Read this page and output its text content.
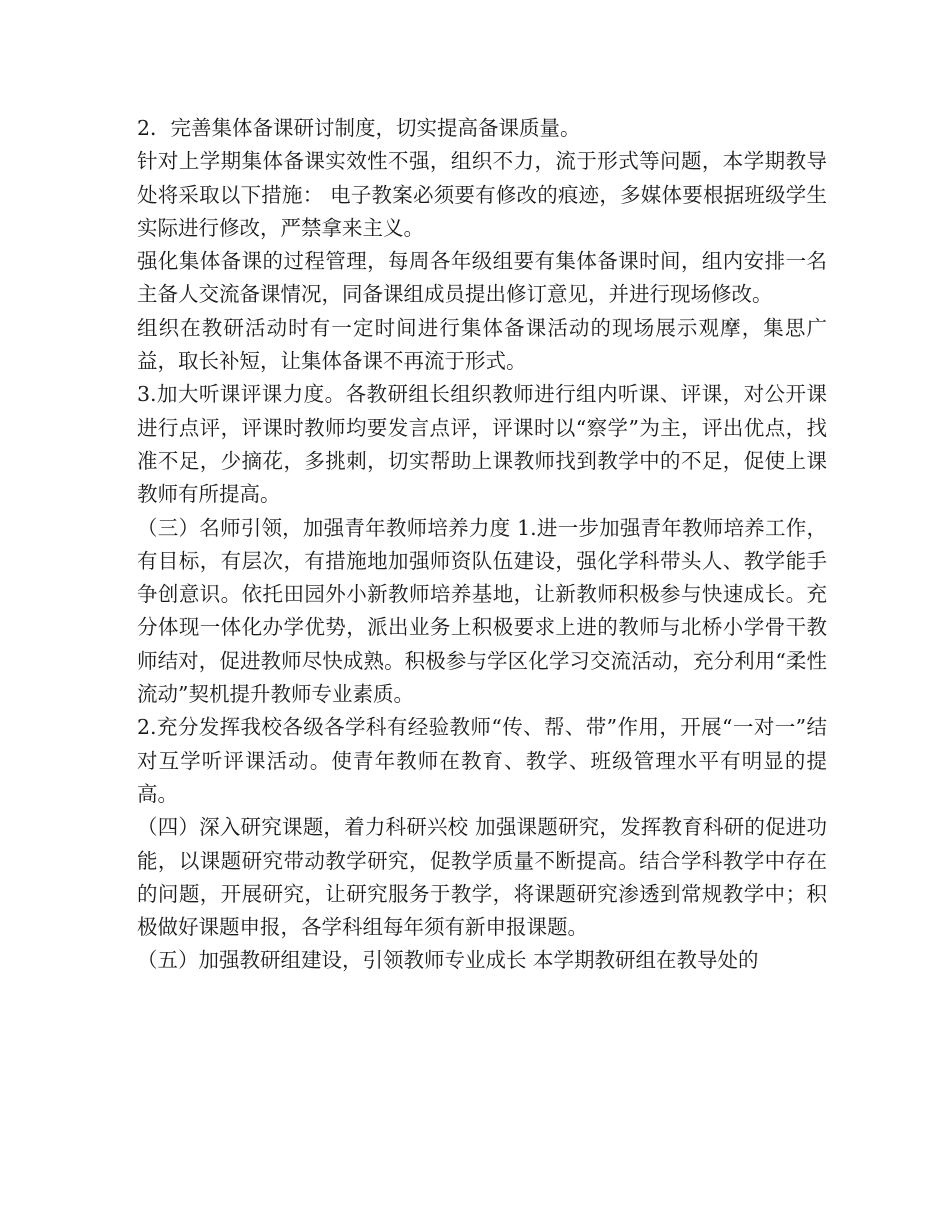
2．完善集体备课研讨制度，切实提高备课质量。

针对上学期集体备课实效性不强，组织不力，流于形式等问题，本学期教导处将采取以下措施： 电子教案必须要有修改的痕迹，多媒体要根据班级学生实际进行修改，严禁拿来主义。

强化集体备课的过程管理，每周各年级组要有集体备课时间，组内安排一名主备人交流备课情况，同备课组成员提出修订意见，并进行现场修改。

组织在教研活动时有一定时间进行集体备课活动的现场展示观摩，集思广益，取长补短，让集体备课不再流于形式。

3.加大听课评课力度。各教研组长组织教师进行组内听课、评课，对公开课进行点评，评课时教师均要发言点评，评课时以“察学”为主，评出优点，找准不足，少摘花，多挑刺，切实帮助上课教师找到教学中的不足，促使上课教师有所提高。

（三）名师引领，加强青年教师培养力度 1.进一步加强青年教师培养工作，有目标，有层次，有措施地加强师资队伍建设，强化学科带头人、教学能手争创意识。依托田园外小新教师培养基地，让新教师积极参与快速成长。充分体现一体化办学优势，派出业务上积极要求上进的教师与北桥小学骨干教师结对，促进教师尽快成熟。积极参与学区化学习交流活动，充分利用“柔性流动”契机提升教师专业素质。

2.充分发挥我校各级各学科有经验教师“传、帮、带”作用，开展“一对一”结对互学听评课活动。使青年教师在教育、教学、班级管理水平有明显的提高。

（四）深入研究课题，着力科研兴校 加强课题研究，发挥教育科研的促进功能，以课题研究带动教学研究，促教学质量不断提高。结合学科教学中存在的问题，开展研究，让研究服务于教学，将课题研究渗透到常规教学中；积极做好课题申报，各学科组每年须有新申报课题。

（五）加强教研组建设，引领教师专业成长 本学期教研组在教导处的
